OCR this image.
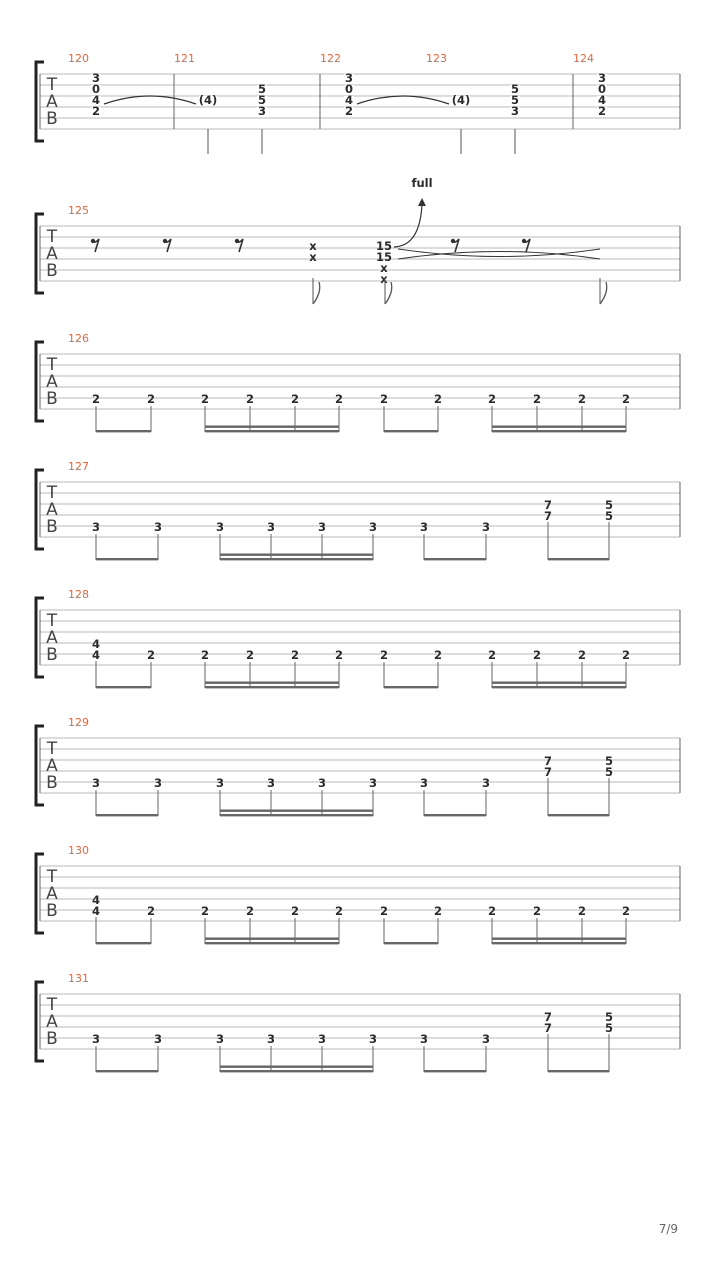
T
A
B
120	121	122	123	124
3
0
4
2
(4)
5
5
3
3
0
4
2
(4)
5
5
3
3
0
4
2
T
A
B
125
x
x
15
15
x
x
full
T
A
B
126
2	2	2	2	2	2	2	2	2	2	2	2
T
A
B
127
3	3	3	3	3	3	3	3
7
7
5
5
T
A
B
128
4
4	2	2	2	2	2	2	2	2	2	2	2
T
A
B
129
3	3	3	3	3	3	3	3
7
7
5
5
T
A
B
130
4
4	2	2	2	2	2	2	2	2	2	2	2
T
A
B
131
3	3	3	3	3	3	3	3
7
7
5
5
7/9
